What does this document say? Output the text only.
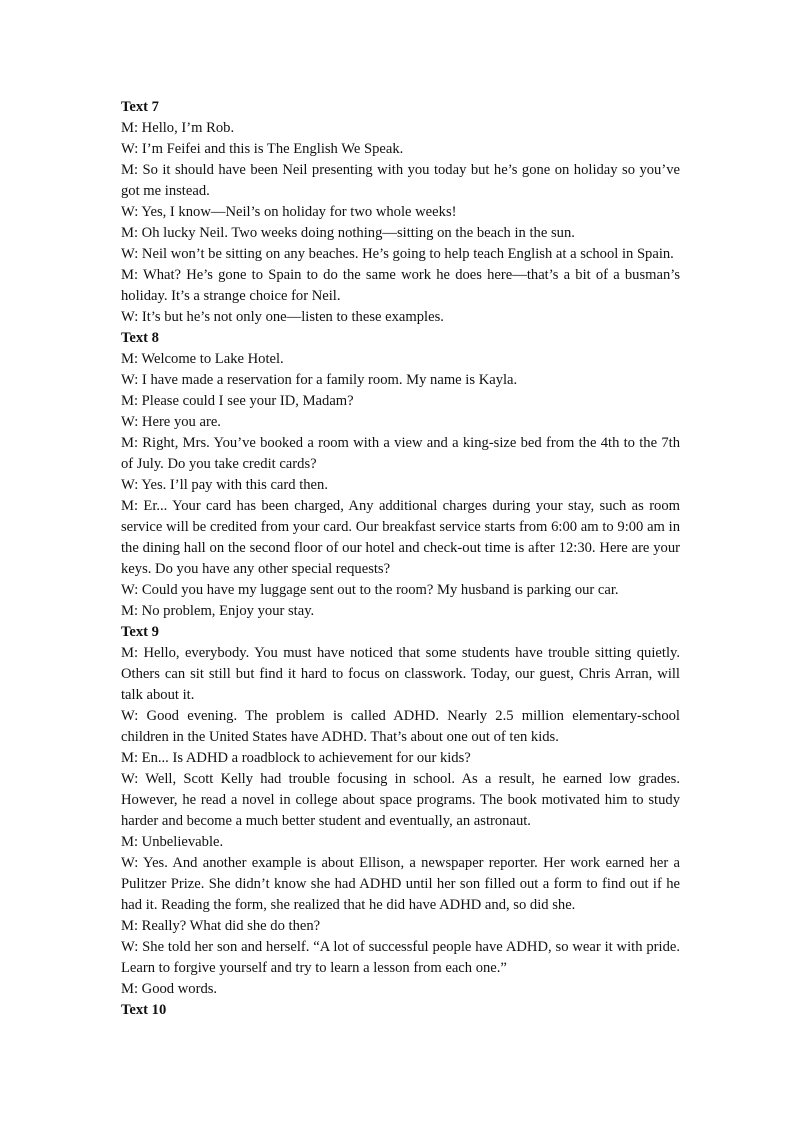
Text 7
M: Hello, I’m Rob.
W: I’m Feifei and this is The English We Speak.
M: So it should have been Neil presenting with you today but he’s gone on holiday so you’ve got me instead.
W: Yes, I know—Neil’s on holiday for two whole weeks!
M: Oh lucky Neil. Two weeks doing nothing—sitting on the beach in the sun.
W: Neil won’t be sitting on any beaches. He’s going to help teach English at a school in Spain.
M: What? He’s gone to Spain to do the same work he does here—that’s a bit of a busman’s holiday. It’s a strange choice for Neil.
W: It’s but he’s not only one—listen to these examples.
Text 8
M: Welcome to Lake Hotel.
W: I have made a reservation for a family room. My name is Kayla.
M: Please could I see your ID, Madam?
W: Here you are.
M: Right, Mrs. You’ve booked a room with a view and a king-size bed from the 4th to the 7th of July. Do you take credit cards?
W: Yes. I’ll pay with this card then.
M: Er... Your card has been charged, Any additional charges during your stay, such as room service will be credited from your card. Our breakfast service starts from 6:00 am to 9:00 am in the dining hall on the second floor of our hotel and check-out time is after 12:30. Here are your keys. Do you have any other special requests?
W: Could you have my luggage sent out to the room? My husband is parking our car.
M: No problem, Enjoy your stay.
Text 9
M: Hello, everybody. You must have noticed that some students have trouble sitting quietly. Others can sit still but find it hard to focus on classwork. Today, our guest, Chris Arran, will talk about it.
W: Good evening. The problem is called ADHD. Nearly 2.5 million elementary-school children in the United States have ADHD. That’s about one out of ten kids.
M: En... Is ADHD a roadblock to achievement for our kids?
W: Well, Scott Kelly had trouble focusing in school. As a result, he earned low grades. However, he read a novel in college about space programs. The book motivated him to study harder and become a much better student and eventually, an astronaut.
M: Unbelievable.
W: Yes. And another example is about Ellison, a newspaper reporter. Her work earned her a Pulitzer Prize. She didn’t know she had ADHD until her son filled out a form to find out if he had it. Reading the form, she realized that he did have ADHD and, so did she.
M: Really? What did she do then?
W: She told her son and herself. “A lot of successful people have ADHD, so wear it with pride. Learn to forgive yourself and try to learn a lesson from each one.”
M: Good words.
Text 10
